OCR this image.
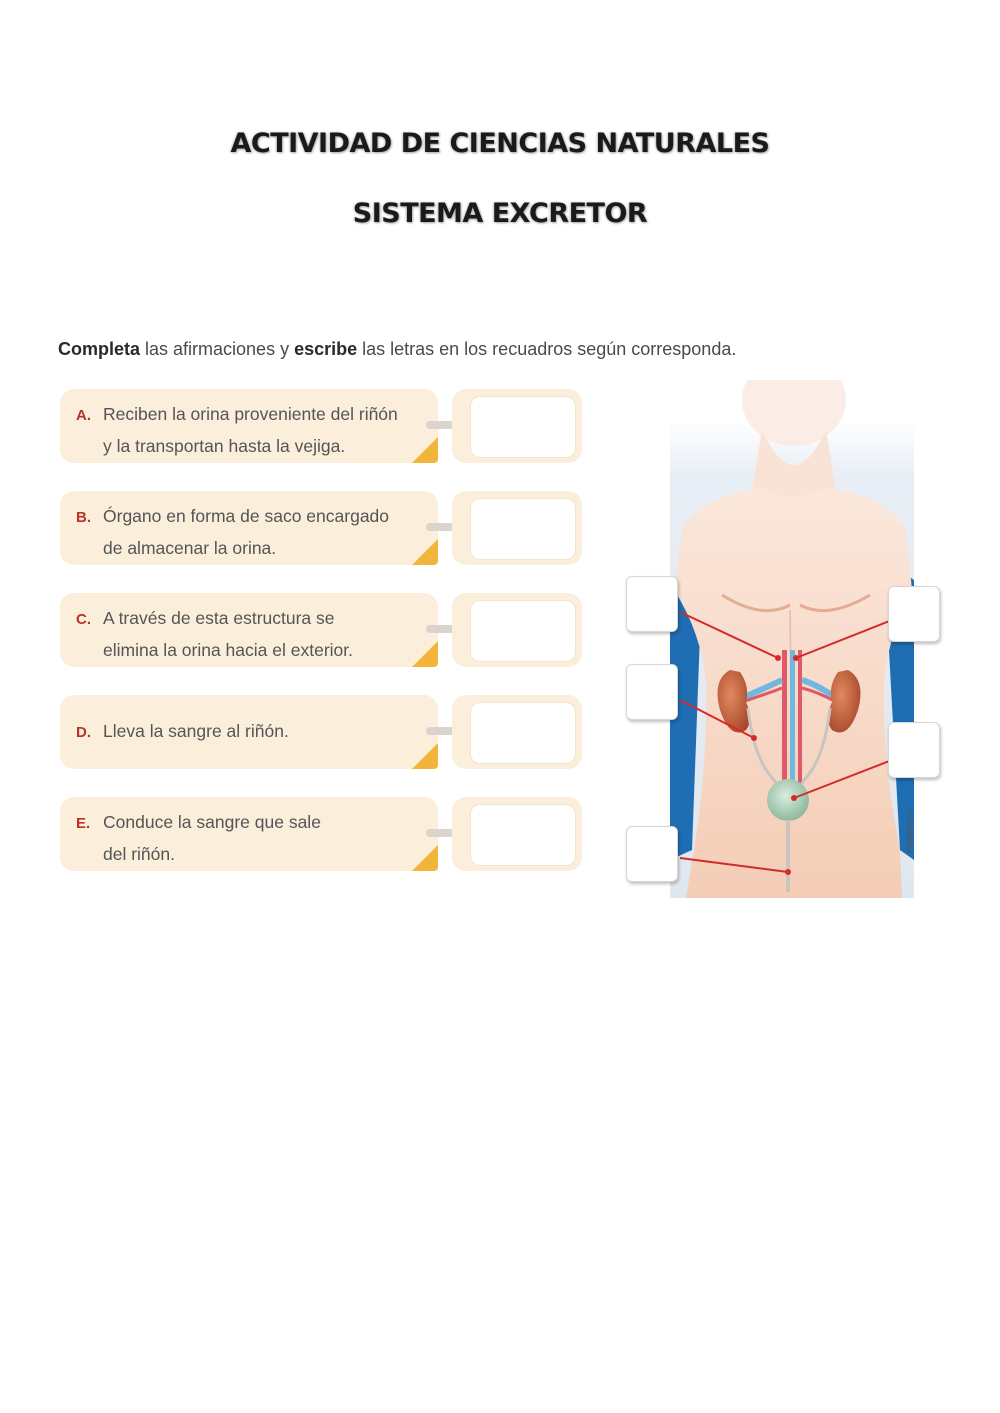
ACTIVIDAD DE CIENCIAS NATURALES
SISTEMA EXCRETOR
Completa las afirmaciones y escribe las letras en los recuadros según corresponda.
A. Reciben la orina proveniente del riñón
y la transportan hasta la vejiga.
B. Órgano en forma de saco encargado
de almacenar la orina.
C. A través de esta estructura se
elimina la orina hacia el exterior.
D. Lleva la sangre al riñón.
E. Conduce la sangre que sale
del riñón.
© Santillana
